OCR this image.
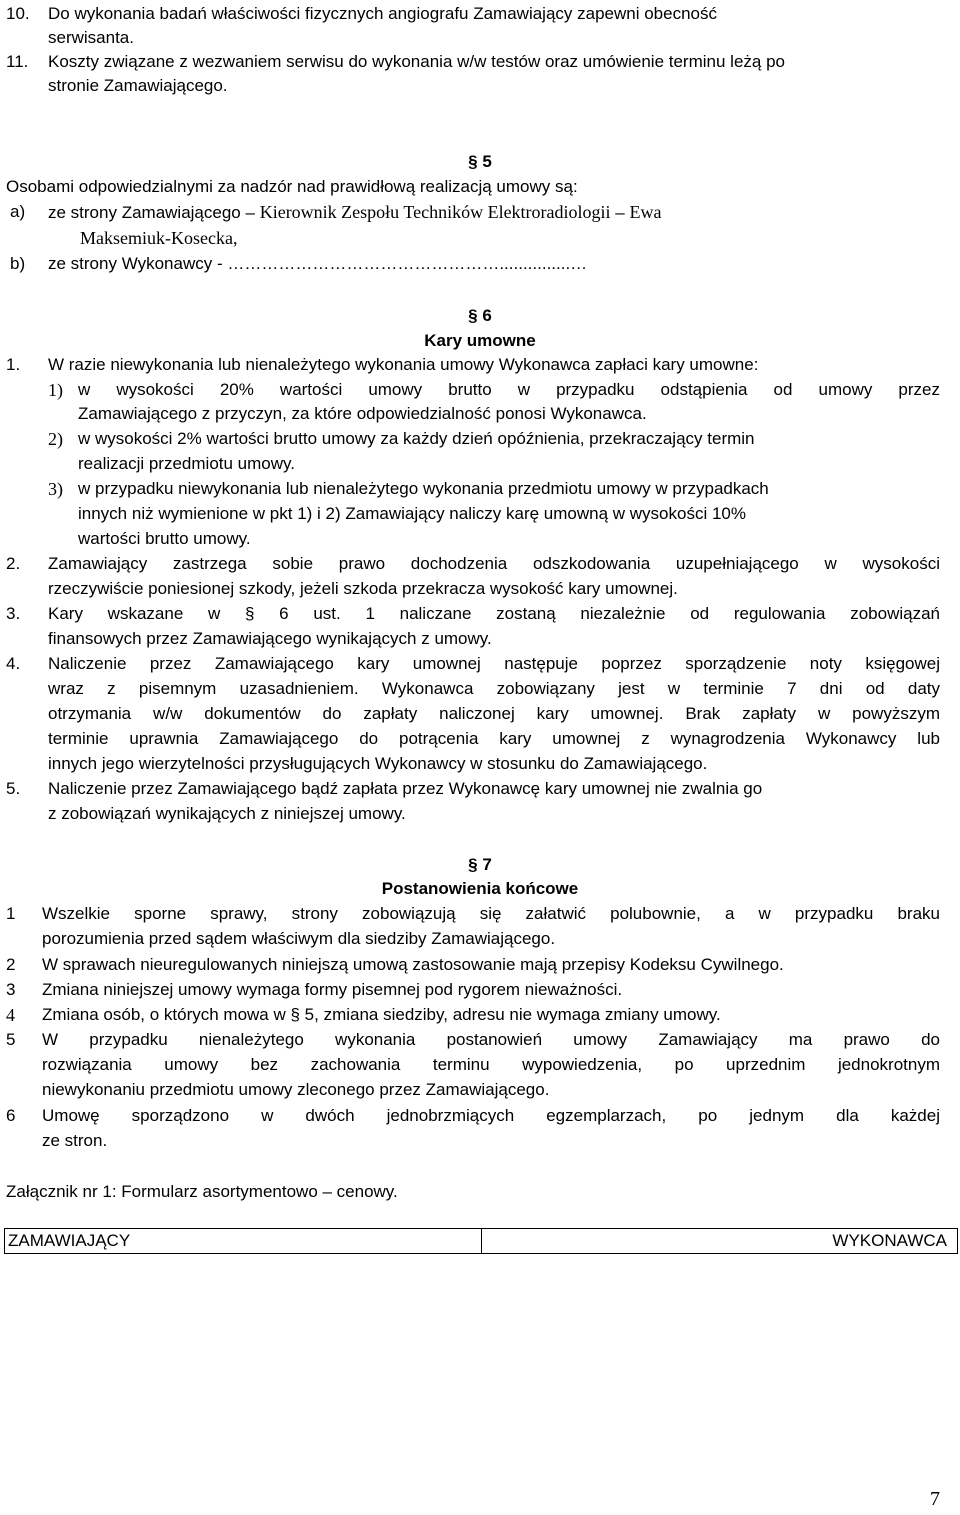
10. Do wykonania badań właściwości fizycznych angiografu Zamawiający zapewni obecność
serwisanta.
11. Koszty związane z wezwaniem serwisu do wykonania w/w testów oraz umówienie terminu leżą po
stronie Zamawiającego.
§ 5
Osobami odpowiedzialnymi za nadzór nad prawidłową realizacją umowy są:
a) ze strony Zamawiającego – Kierownik Zespołu Techników Elektroradiologii – Ewa
Maksemiuk-Kosecka,
b) ze strony Wykonawcy - …………………………………………...............…
§ 6
Kary umowne
1. W razie niewykonania lub nienależytego wykonania umowy Wykonawca zapłaci kary umowne:
1) w wysokości 20% wartości umowy brutto w przypadku odstąpienia od umowy przez
Zamawiającego z przyczyn, za które odpowiedzialność ponosi Wykonawca.
2) w wysokości 2% wartości brutto umowy za każdy dzień opóźnienia, przekraczający termin
realizacji przedmiotu umowy.
3) w przypadku niewykonania lub nienależytego wykonania przedmiotu umowy w przypadkach
innych niż wymienione w pkt 1) i 2) Zamawiający naliczy karę umowną w wysokości 10%
wartości brutto umowy.
2. Zamawiający zastrzega sobie prawo dochodzenia odszkodowania uzupełniającego w wysokości
rzeczywiście poniesionej szkody, jeżeli szkoda przekracza wysokość kary umownej.
3. Kary wskazane w § 6 ust. 1 naliczane zostaną niezależnie od regulowania zobowiązań
finansowych przez Zamawiającego wynikających z umowy.
4. Naliczenie przez Zamawiającego kary umownej następuje poprzez sporządzenie noty księgowej
wraz z pisemnym uzasadnieniem. Wykonawca zobowiązany jest w terminie 7 dni od daty
otrzymania w/w dokumentów do zapłaty naliczonej kary umownej. Brak zapłaty w powyższym
terminie uprawnia Zamawiającego do potrącenia kary umownej z wynagrodzenia Wykonawcy lub
innych jego wierzytelności przysługujących Wykonawcy w stosunku do Zamawiającego.
5. Naliczenie przez Zamawiającego bądź zapłata przez Wykonawcę kary umownej nie zwalnia go
z zobowiązań wynikających z niniejszej umowy.
§ 7
Postanowienia końcowe
1 Wszelkie sporne sprawy, strony zobowiązują się załatwić polubownie, a w przypadku braku
porozumienia przed sądem właściwym dla siedziby Zamawiającego.
2 W sprawach nieuregulowanych niniejszą umową zastosowanie mają przepisy Kodeksu Cywilnego.
3 Zmiana niniejszej umowy wymaga formy pisemnej pod rygorem nieważności.
4 Zmiana osób, o których mowa w § 5, zmiana siedziby, adresu nie wymaga zmiany umowy.
5 W przypadku nienależytego wykonania postanowień umowy Zamawiający ma prawo do
rozwiązania umowy bez zachowania terminu wypowiedzenia, po uprzednim jednokrotnym
niewykonaniu przedmiotu umowy zleconego przez Zamawiającego.
6 Umowę sporządzono w dwóch jednobrzmiących egzemplarzach, po jednym dla każdej
ze stron.
Załącznik nr 1: Formularz asortymentowo – cenowy.
ZAMAWIAJĄCY	WYKONAWCA
7
